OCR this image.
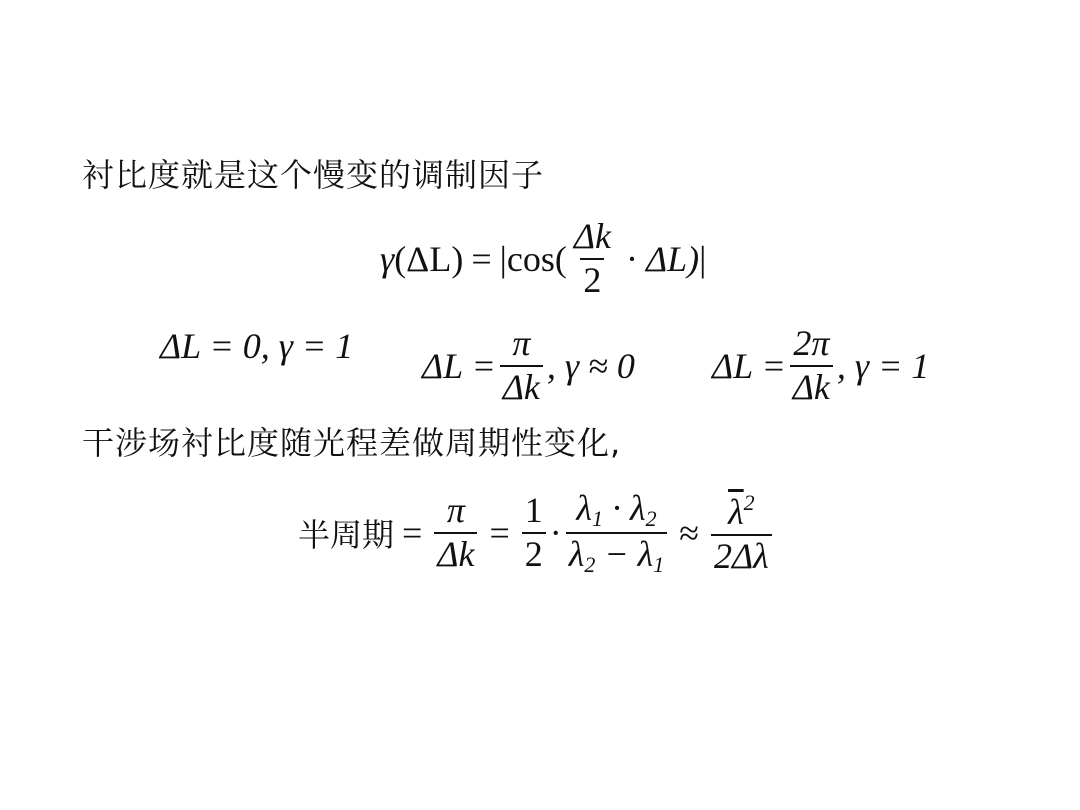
衬比度就是这个慢变的调制因子
γ (ΔL) = | $\cos( \frac{\Delta k}{2} \cdot \Delta L)$ |
ΔL = 0, γ = 1 $\Delta L = \frac{\pi}{\Delta k}$ , γ ≈ 0 $\Delta L = \frac{2\pi}{\Delta k}$ , γ = 1
干涉场衬比度随光程差做周期性变化,
半周期 = $\frac{\pi}{\Delta k} = \frac{1}{2} \cdot \frac{\lambda_1 \cdot \lambda_2}{\lambda_2 - \lambda_1} \approx \frac{\overline{\lambda}^2}{2\Delta\lambda}$
